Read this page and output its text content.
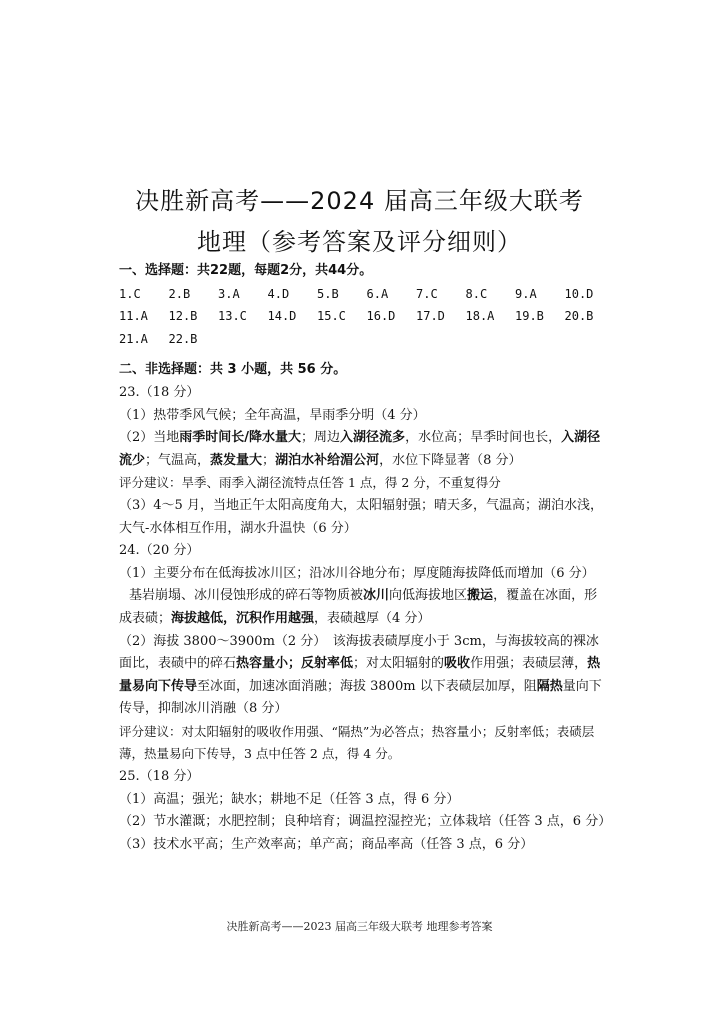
决胜新高考——2024 届高三年级大联考
地理（参考答案及评分细则）
一、选择题：共22题，每题2分，共44分。
1.C	2.B	3.A	4.D	5.B	6.A	7.C	8.C	9.A	10.D
11.A	12.B	13.C	14.D	15.C	16.D	17.D	18.A	19.B	20.B
21.A	22.B
二、非选择题：共 3 小题，共 56 分。
23.（18 分）
（1）热带季风气候；全年高温，旱雨季分明（4 分）
（2）当地雨季时间长/降水量大；周边入湖径流多，水位高；旱季时间也长，入湖径流少；气温高，蒸发量大；湖泊水补给湄公河，水位下降显著（8 分）
评分建议：旱季、雨季入湖径流特点任答 1 点，得 2 分，不重复得分
（3）4～5 月，当地正午太阳高度角大，太阳辐射强；晴天多，气温高；湖泊水浅，大气-水体相互作用，湖水升温快（6 分）
24.（20 分）
（1）主要分布在低海拔冰川区；沿冰川谷地分布；厚度随海拔降低而增加（6 分）
基岩崩塌、冰川侵蚀形成的碎石等物质被冰川向低海拔地区搬运，覆盖在冰面，形成表碛；海拔越低，沉积作用越强，表碛越厚（4 分）
（2）海拔 3800～3900m（2 分）　该海拔表碛厚度小于 3cm，与海拔较高的裸冰面比，表碛中的碎石热容量小；反射率低；对太阳辐射的吸收作用强；表碛层薄，热量易向下传导至冰面，加速冰面消融；海拔 3800m 以下表碛层加厚，阻隔热量向下传导，抑制冰川消融（8 分）
评分建议：对太阳辐射的吸收作用强、“隔热”为必答点；热容量小；反射率低；表碛层薄，热量易向下传导，3 点中任答 2 点，得 4 分。
25.（18 分）
（1）高温；强光；缺水；耕地不足（任答 3 点，得 6 分）
（2）节水灌溉；水肥控制；良种培育；调温控湿控光；立体栽培（任答 3 点，6 分）
（3）技术水平高；生产效率高；单产高；商品率高（任答 3 点，6 分）
决胜新高考——2023 届高三年级大联考 地理参考答案
